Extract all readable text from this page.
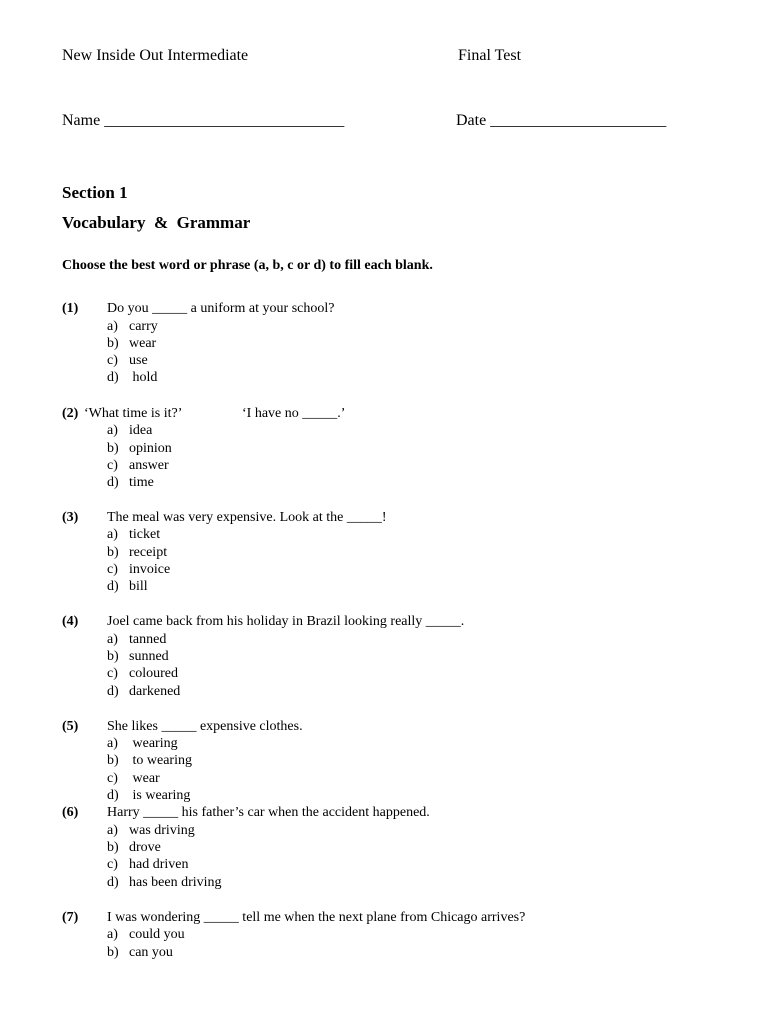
New Inside Out Intermediate	Final Test
Name ______________________________	Date ______________________
Section 1
Vocabulary  &  Grammar
Choose the best word or phrase (a, b, c or d) to fill each blank.
(1) Do you _____ a uniform at your school?
a) carry
b) wear
c) use
d) hold
(2) ‘What time is it?’	‘I have no _____.’
a) idea
b) opinion
c) answer
d) time
(3) The meal was very expensive. Look at the _____!
a) ticket
b) receipt
c) invoice
d) bill
(4) Joel came back from his holiday in Brazil looking really _____.
a) tanned
b) sunned
c) coloured
d) darkened
(5) She likes _____ expensive clothes.
a) wearing
b) to wearing
c) wear
d) is wearing
(6) Harry _____ his father’s car when the accident happened.
a) was driving
b) drove
c) had driven
d) has been driving
(7) I was wondering _____ tell me when the next plane from Chicago arrives?
a) could you
b) can you
